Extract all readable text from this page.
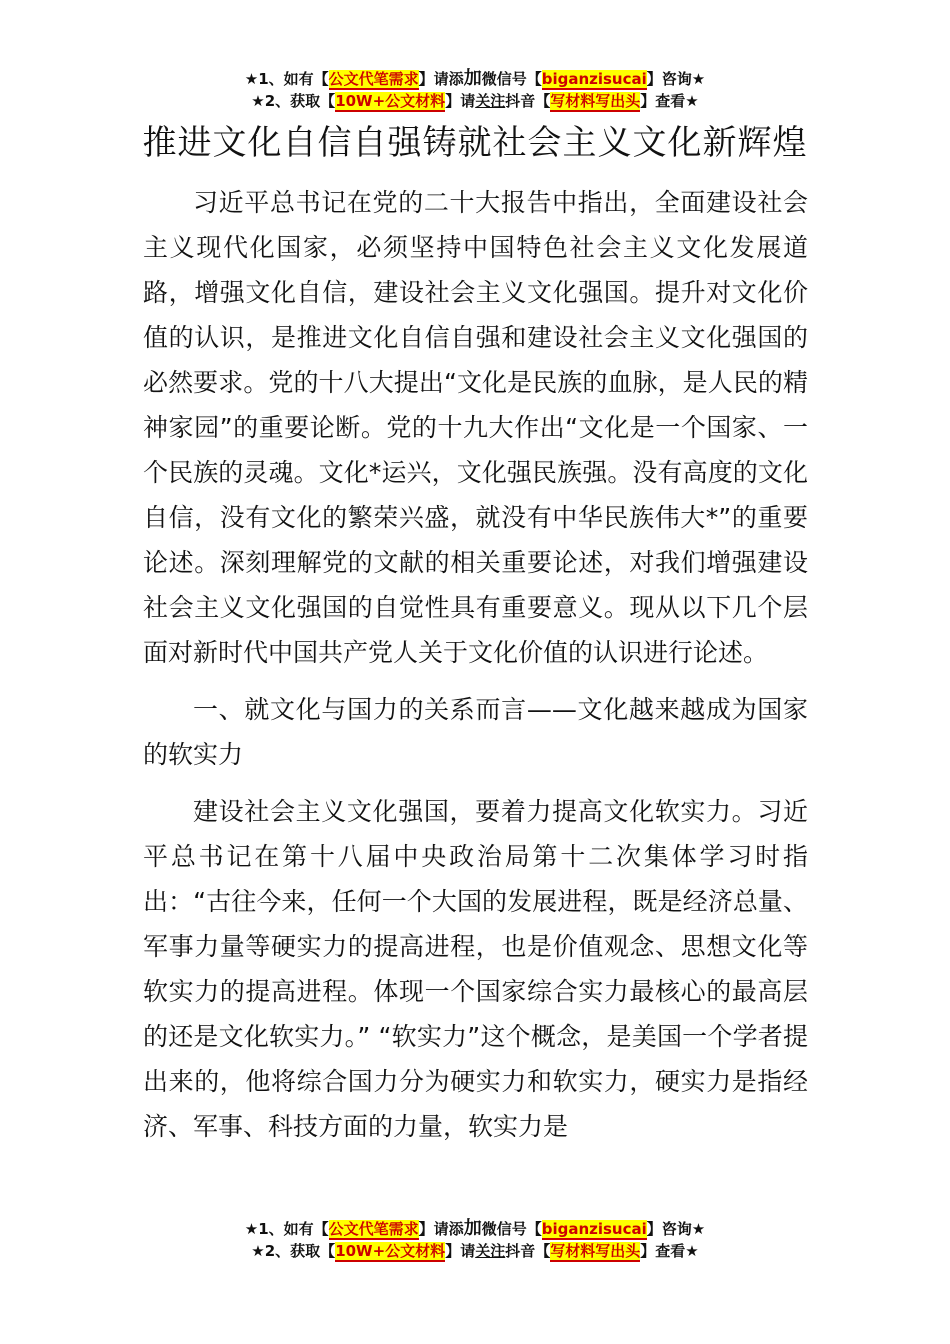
★1、如有【公文代笔需求】请添加微信号【biganzisucai】咨询★
★2、获取【10W+公文材料】请关注抖音【写材料写出头】查看★
推进文化自信自强铸就社会主义文化新辉煌

习近平总书记在党的二十大报告中指出，全面建设社会主义现代化国家，必须坚持中国特色社会主义文化发展道路，增强文化自信，建设社会主义文化强国。提升对文化价值的认识，是推进文化自信自强和建设社会主义文化强国的必然要求。党的十八大提出“文化是民族的血脉，是人民的精神家园”的重要论断。党的十九大作出“文化是一个国家、一个民族的灵魂。文化*运兴，文化强民族强。没有高度的文化自信，没有文化的繁荣兴盛，就没有中华民族伟大*”的重要论述。深刻理解党的文献的相关重要论述，对我们增强建设社会主义文化强国的自觉性具有重要意义。现从以下几个层面对新时代中国共产党人关于文化价值的认识进行论述。

一、就文化与国力的关系而言——文化越来越成为国家的软实力

建设社会主义文化强国，要着力提高文化软实力。习近平总书记在第十八届中央政治局第十二次集体学习时指出：“古往今来，任何一个大国的发展进程，既是经济总量、军事力量等硬实力的提高进程，也是价值观念、思想文化等软实力的提高进程。体现一个国家综合实力最核心的最高层的还是文化软实力。” “软实力”这个概念，是美国一个学者提出来的，他将综合国力分为硬实力和软实力，硬实力是指经济、军事、科技方面的力量，软实力是

★1、如有【公文代笔需求】请添加微信号【biganzisucai】咨询★
★2、获取【10W+公文材料】请关注抖音【写材料写出头】查看★
